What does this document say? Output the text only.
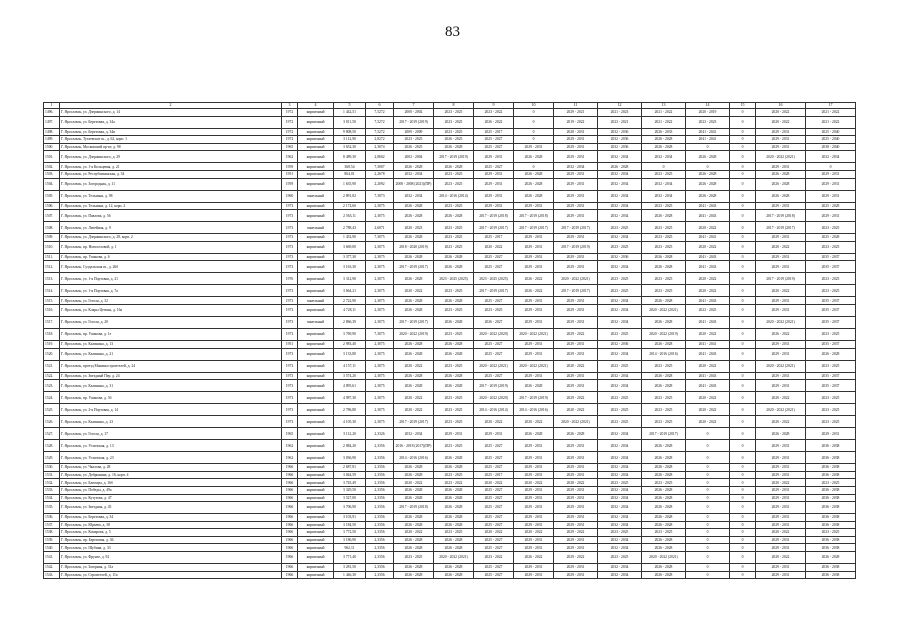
83
1	2	3	4	5	6	7	8	9	10	11	12	13	14	15	16	17
1496.	Г. Ярославль, ул. Дзержинского, д. 14	1972	кирпичный	1 442,51	7,5272	2000 - 2002	2023 - 2025	2023 - 2022	0	2029 - 2021	2021 - 2023	2021 - 2022	2020 - 2019	0	2020 - 2022	2021 - 2022
1497.	Г. Ярославль, ул. Березовая, д. 34а	1972	кирпичный	3 011,50	7,5272	2017 - 2019 (2019)	2023 - 2025	2026 - 2022	0	2019 - 2022	2023 - 2021	2021 - 2022	2023 - 2023	0	2020 - 2022	2021 - 2022
1498.	Г. Ярославль, ул. Березовая, д. 34в	1972	кирпичный	9 808,50	7,5272	2009 - 2009	2023 - 2025	2025 - 2017	0	2028 - 2031	2032 - 2036	2026 - 2033	2041 - 2041	0	2029 - 2031	2025 - 2040
1499.	Г. Ярославль, Тутаевское ш., д. 62, корп. 1	1972	кирпичный	3 112,90	2,8272	2023 - 2025	2026 - 2025	2025 - 2027	0	2029 - 2031	2032 - 2036	2026 - 2028	2041 - 2041	0	2029 - 2031	2025 - 2040
1500.	Г. Ярославль, Московский пр-кт, д. 98	1965	кирпичный	3 652,30	2,3074	2026 - 2025	2026 - 2028	2025 - 2027	2029 - 2031	2029 - 2031	2032 - 2036	2026 - 2028	0	0	2029 - 2031	2038 - 2040
1501.	Г. Ярославль, ул. Дзержинского, д. 29	1962	кирпичный	8 489,30	2,8602	2002 - 2004	2017 - 2019 (2019)	2029 - 2031	2026 - 2028	2029 - 2031	2032 - 2034	2032 - 2034	2026 - 2028	0	2020 - 2022 (2021)	2032 - 2034
1502.	Г. Ярославль, ул. 1-я Кольцевая, д. 21	1959	кирпичный	368,54	7,3007	2026 - 2028	2026 - 2028	2025 - 2027	0	2032 - 2034	2026 - 2028	0	0	0	2029 - 2031	0
1503.	Г. Ярославль, ул. Республиканская, д. 34	1951	кирпичный	864,01	2,2678	2032 - 2034	2023 - 2025	2029 - 2031	2026 - 2028	2029 - 2031	2032 - 2034	2023 - 2025	2026 - 2028	0	2026 - 2028	2029 - 2031
1504.	Г. Ярославль, ул. Загородная, д. 11	1959	кирпичный	1 635,90	2,2092	2008 - 2008 (2021)(ПР)	2023 - 2025	2029 - 2031	2026 - 2028	2029 - 2031	2032 - 2034	2032 - 2034	2026 - 2028	0	2026 - 2028	2029 - 2031
1505.	Г. Ярославль, ул. Тельмана, д. 98	1960	панельный	2 891,82	7,3073	2032 - 2034	2014 - 2016 (2014)	2029 - 2031	2026 - 2028	2029 - 2031	2032 - 2034	2032 - 2034	2026 - 2028	0	2026 - 2028	2029 - 2031
1506.	Г. Ярославль, ул. Тельмана, д. 12, корп. 2	1973	кирпичный	2 172,60	2,3075	2026 - 2028	2023 - 2025	2029 - 2031	2029 - 2031	2029 - 2031	2032 - 2034	2023 - 2025	2041 - 2043	0	2029 - 2031	2025 - 2028
1507.	Г. Ярославль, ул. Павлова, д. 56	1973	кирпичный	2 563,11	2,3075	2026 - 2028	2026 - 2028	2017 - 2019 (2018)	2017 - 2019 (2018)	2029 - 2031	2032 - 2034	2026 - 2028	2041 - 2043	0	2017 - 2019 (2018)	2029 - 2031
1508.	Г. Ярославль, ул. Литейная, д. 9	1973	панельный	2 788,43	2,6071	2020 - 2023	2023 - 2025	2017 - 2019 (2017)	2017 - 2019 (2017)	2017 - 2019 (2017)	2023 - 2025	2023 - 2025	2020 - 2022	0	2017 - 2019 (2017)	2023 - 2025
1509.	Г. Ярославль, ул. Дзержинского, д. 28, корп. 2	1973	кирпичный	1 452,90	7,3075	2026 - 2028	2023 - 2025	2025 - 2017	2029 - 2031	2029 - 2031	2032 - 2034	2023 - 2025	2041 - 2041	0	2029 - 2031	2025 - 2028
1510.	Г. Ярославль, пр. Новоселовой, д. 1	1973	кирпичный	3 669,00	2,3075	2018 - 2020 (2019)	2023 - 2025	2020 - 2022	2029 - 2031	2017 - 2019 (2019)	2023 - 2025	2023 - 2025	2020 - 2022	0	2020 - 2022	2023 - 2025
1511.	Г. Ярославль, пр. Ушакова, д. 6	1973	кирпичный	3 377,30	2,3075	2026 - 2028	2026 - 2028	2025 - 2027	2029 - 2031	2029 - 2031	2032 - 2036	2026 - 2028	2041 - 2043	0	2029 - 2031	2035 - 2037
1512.	Г. Ярославль, Суздальская ш., д. 26б	1973	кирпичный	3 163,30	2,3075	2017 - 2019 (2017)	2026 - 2028	2025 - 2027	2029 - 2031	2029 - 2031	2032 - 2034	2026 - 2028	2041 - 2043	0	2029 - 2031	2035 - 2037
1513.	Г. Ярославль, ул. 1-я Портовая, д. 21	1976	кирпичный	3 312,90	2,3075	2026 - 2028	2023 - 2025 (2025)	2023 - 2025 (2025)	2026 - 2022	2020 - 2022 (2021)	2023 - 2025	2023 - 2025	2020 - 2022	0	2017 - 2019 (2019)	2023 - 2025
1514.	Г. Ярославль, ул. 1-я Портовая, д. 7а	1973	кирпичный	3 664,21	2,3075	2020 - 2022	2023 - 2025	2017 - 2019 (2017)	2026 - 2022	2017 - 2019 (2017)	2023 - 2025	2023 - 2025	2020 - 2022	0	2020 - 2022	2023 - 2025
1515.	Г. Ярославль, ул. Гоголя, д. 32	1973	панельный	2 722,90	2,3075	2026 - 2028	2026 - 2028	2025 - 2027	2029 - 2031	2029 - 2031	2032 - 2034	2026 - 2028	2041 - 2043	0	2029 - 2031	2035 - 2037
1516.	Г. Ярославль, ул. Клары Цеткин, д. 16а	1973	кирпичный	4 728,11	2,3075	2026 - 2028	2023 - 2025	2023 - 2025	2029 - 2031	2029 - 2031	2032 - 2034	2020 - 2022 (2021)	2023 - 2025	0	2029 - 2031	2035 - 2037
1517.	Г. Ярославль, ул. Гоголя, д. 20	1973	панельный	2 866,39	2,3075	2017 - 2019 (2017)	2026 - 2028	2026 - 2027	2029 - 2031	2029 - 2031	2032 - 2034	2026 - 2028	2041 - 2043	0	2020 - 2022 (2021)	2035 - 2037
1518.	Г. Ярославль, пр. Ушакова, д. 1е	1973	кирпичный	3 769,90	7,3075	2020 - 2022 (2019)	2023 - 2025	2020 - 2022 (2020)	2020 - 2022 (2021)	2029 - 2022	2023 - 2025	2020 - 2022 (2019)	2020 - 2022	0	2026 - 2022	2023 - 2025
1519.	Г. Ярославль, ул. Калинина, д. 13	1951	кирпичный	2 983,40	2,3075	2026 - 2028	2026 - 2028	2025 - 2027	2029 - 2031	2029 - 2031	2032 - 2036	2026 - 2028	2041 - 2041	0	2029 - 2031	2035 - 2037
1520.	Г. Ярославль, ул. Калинина, д. 21	1973	кирпичный	3 133,80	2,3075	2026 - 2028	2026 - 2028	2025 - 2027	2029 - 2031	2029 - 2031	2032 - 2034	2014 - 2016 (2016)	2041 - 2043	0	2029 - 2031	2026 - 2028
1521.	Г. Ярославль, проезд Машиностроителей, д. 24	1973	кирпичный	4 157,11	2,3075	2020 - 2022	2023 - 2025	2020 - 2022 (2021)	2020 - 2022 (2021)	2020 - 2022	2023 - 2025	2023 - 2025	2020 - 2022	0	2020 - 2022 (2021)	2023 - 2025
1522.	Г. Ярославль, ул. Звездный Пер, д. 24	1973	кирпичный	3 574,20	2,3075	2026 - 2028	2026 - 2028	2025 - 2027	2029 - 2031	2029 - 2031	2032 - 2034	2026 - 2028	2041 - 2043	0	2029 - 2031	2035 - 2037
1523.	Г. Ярославль, ул. Калинина, д. 31	1973	кирпичный	4 895,61	2,3075	2026 - 2028	2026 - 2028	2017 - 2019 (2019)	2026 - 2028	2029 - 2031	2032 - 2034	2026 - 2028	2041 - 2043	0	2029 - 2031	2035 - 2037
1524.	Г. Ярославль, пр. Ушакова, д. 3б	1973	кирпичный	4 987,30	2,3075	2020 - 2022	2023 - 2025	2020 - 2022 (2020)	2017 - 2019 (2019)	2029 - 2022	2023 - 2025	2023 - 2025	2020 - 2022	0	2020 - 2022	2023 - 2025
1525.	Г. Ярославль, ул. 2-я Портовая, д. 14	1973	кирпичный	2 786,80	2,3075	2020 - 2022	2023 - 2025	2014 - 2016 (2014)	2014 - 2016 (2016)	2020 - 2022	2023 - 2025	2023 - 2025	2020 - 2022	0	2020 - 2022 (2021)	2023 - 2025
1526.	Г. Ярославль, ул. Калинина, д. 23	1973	кирпичный	4 105,30	2,3075	2017 - 2019 (2017)	2023 - 2025	2020 - 2022	2020 - 2022	2020 - 2022 (2021)	2023 - 2025	2023 - 2025	2020 - 2022	0	2020 - 2022	2023 - 2025
1527.	Г. Ярославль, ул. Гоголя, д. 17	1965	кирпичный	3 112,20	2,3326	2032 - 2034	2029 - 2031	2029 - 2031	2026 - 2028	2026 - 2028	2032 - 2034	2017 - 2019 (2017)	0	0	2026 - 2028	2029 - 2031
1528.	Г. Ярославль, ул. Угличская, д. 13	1962	кирпичный	2 084,20	2,3356	2016 - 2018 (2017)(ПР)	2023 - 2025	2025 - 2027	2029 - 2031	2029 - 2031	2032 - 2034	2026 - 2028	0	0	2029 - 2031	2036 - 2038
1529.	Г. Ярославль, ул. Угличская, д. 23	1962	кирпичный	3 036,90	2,3356	2014 - 2016 (2016)	2026 - 2028	2025 - 2027	2029 - 2031	2029 - 2031	2032 - 2034	2026 - 2028	0	0	2029 - 2031	2036 - 2038
1530.	Г. Ярославль, ул. Чкалова, д. 28	1966	кирпичный	2 687,81	2,3356	2026 - 2028	2026 - 2028	2025 - 2027	2029 - 2031	2029 - 2031	2032 - 2034	2026 - 2028	0	0	2029 - 2031	2036 - 2038
1531.	Г. Ярославль, ул. Добрынина, д. 16, корп. 4	1966	кирпичный	3 044,59	2,3356	2026 - 2028	2023 - 2025	2025 - 2017	2029 - 2031	2029 - 2031	2032 - 2034	2026 - 2028	0	0	2029 - 2031	2036 - 2038
1532.	Г. Ярославль, ул. Блюхера, д. 16б	1966	кирпичный	3 745,49	2,3356	2020 - 2022	2023 - 2022	2020 - 2022	2020 - 2022	2028 - 2022	2023 - 2025	2023 - 2025	0	0	2020 - 2022	2023 - 2025
1533.	Г. Ярославль, ул. Победы, д. 49а	1966	кирпичный	3 329,50	2,3356	2026 - 2028	2026 - 2028	2025 - 2027	2029 - 2031	2029 - 2031	2032 - 2034	2026 - 2028	0	0	2029 - 2031	2036 - 2038
1534.	Г. Ярославль, ул. Кутузова, д. 47	1966	кирпичный	3 527,00	2,3356	2026 - 2028	2026 - 2028	2025 - 2027	2029 - 2031	2029 - 2031	2032 - 2034	2026 - 2028	0	0	2029 - 2031	2036 - 2038
1535.	Г. Ярославль, ул. Звездная, д. 45	1966	кирпичный	3 706,90	2,3356	2017 - 2019 (2018)	2026 - 2028	2025 - 2027	2029 - 2031	2029 - 2031	2032 - 2034	2026 - 2028	0	0	2029 - 2031	2036 - 2038
1536.	Г. Ярославль, ул. Березовая, д. 34	1966	кирпичный	3 103,91	2,3356	2026 - 2028	2026 - 2028	2025 - 2027	2029 - 2031	2029 - 2031	2032 - 2034	2026 - 2028	0	0	2029 - 2031	2036 - 2038
1537.	Г. Ярославль, ул. Юрьева, д. 38	1966	кирпичный	3 184,50	2,3356	2026 - 2028	2026 - 2028	2025 - 2027	2029 - 2031	2029 - 2031	2032 - 2034	2026 - 2028	0	0	2029 - 2031	2036 - 2038
1538.	Г. Ярославль, ул. Комарова, д. 5	1966	кирпичный	3 772,50	2,3356	2020 - 2022	2023 - 2025	2020 - 2022	2020 - 2022	2029 - 2022	2023 - 2025	2023 - 2025	0	0	2020 - 2022	2023 - 2025
1539.	Г. Ярославль, пр. Березовая, д. 36	1966	кирпичный	3 186,90	2,3356	2026 - 2028	2026 - 2028	2025 - 2027	2029 - 2031	2029 - 2031	2032 - 2034	2026 - 2028	0	0	2029 - 2031	2036 - 2038
1540.	Г. Ярославль, ул. Шубина, д. 33	1966	кирпичный	962,11	2,3356	2026 - 2028	2026 - 2028	2025 - 2027	2029 - 2031	2029 - 2031	2032 - 2034	2026 - 2028	0	0	2029 - 2031	2036 - 2038
1541.	Г. Ярославль, ул. Фрунзе, д. 92	1966	кирпичный	3 771,40	2,3356	2023 - 2025	2020 - 2022 (2021)	2023 - 2022	2026 - 2022	2029 - 2022	2023 - 2025	2020 - 2022 (2021)	0	0	2020 - 2022	2026 - 2028
1542.	Г. Ярославль, ул. Загорная, д. 31а	1966	кирпичный	3 281,50	2,3356	2026 - 2028	2026 - 2028	2025 - 2027	2029 - 2031	2029 - 2031	2032 - 2034	2026 - 2028	0	0	2029 - 2031	2036 - 2038
1543.	Г. Ярославль, ул. Строителей, д. 11а	1966	кирпичный	1 446,30	2,3356	2026 - 2028	2026 - 2028	2025 - 2027	2029 - 2031	2029 - 2031	2032 - 2034	2026 - 2028	0	0	2029 - 2031	2036 - 2038
